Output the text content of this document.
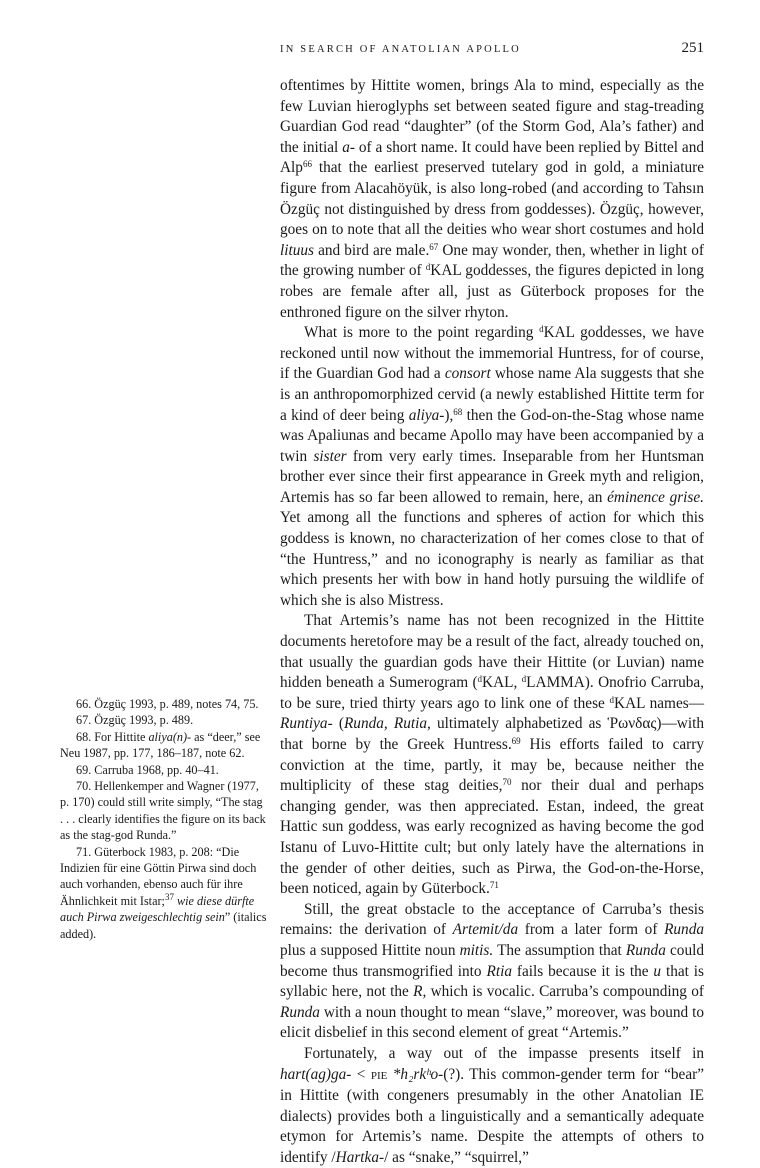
IN SEARCH OF ANATOLIAN APOLLO	251

oftentimes by Hittite women, brings Ala to mind, especially as the few Luvian hieroglyphs set between seated figure and stag-treading Guardian God read “daughter” (of the Storm God, Ala’s father) and the initial a- of a short name. It could have been replied by Bittel and Alp$^{66}$ that the earliest preserved tutelary god in gold, a miniature figure from Alacahöyük, is also long-robed (and according to Tahsın Özgüç not distinguished by dress from goddesses). Özgüç, however, goes on to note that all the deities who wear short costumes and hold lituus and bird are male.$^{67}$ One may wonder, then, whether in light of the growing number of $^d$KAL goddesses, the figures depicted in long robes are female after all, just as Güterbock proposes for the enthroned figure on the silver rhyton.

What is more to the point regarding $^d$KAL goddesses, we have reckoned until now without the immemorial Huntress, for of course, if the Guardian God had a consort whose name Ala suggests that she is an anthropomorphized cervid (a newly established Hittite term for a kind of deer being aliya-),$^{68}$ then the God-on-the-Stag whose name was Apaliunas and became Apollo may have been accompanied by a twin sister from very early times. Inseparable from her Huntsman brother ever since their first appearance in Greek myth and religion, Artemis has so far been allowed to remain, here, an éminence grise. Yet among all the functions and spheres of action for which this goddess is known, no characterization of her comes close to that of “the Huntress,” and no iconography is nearly as familiar as that which presents her with bow in hand hotly pursuing the wildlife of which she is also Mistress.

That Artemis’s name has not been recognized in the Hittite documents heretofore may be a result of the fact, already touched on, that usually the guardian gods have their Hittite (or Luvian) name hidden beneath a Sumerogram ($^d$KAL, $^d$LAMMA). Onofrio Carruba, to be sure, tried thirty years ago to link one of these $^d$KAL names—Runtiya- (Runda, Rutia, ultimately alphabetized as Ῥωνδας)—with that borne by the Greek Huntress.$^{69}$ His efforts failed to carry conviction at the time, partly, it may be, because neither the multiplicity of these stag deities,$^{70}$ nor their dual and perhaps changing gender, was then appreciated. Estan, indeed, the great Hattic sun goddess, was early recognized as having become the god Istanu of Luvo-Hittite cult; but only lately have the alternations in the gender of other deities, such as Pirwa, the God-on-the-Horse, been noticed, again by Güterbock.$^{71}$

Still, the great obstacle to the acceptance of Carruba’s thesis remains: the derivation of Artemit/da from a later form of Runda plus a supposed Hittite noun mitis. The assumption that Runda could become thus transmogrified into Rtia fails because it is the u that is syllabic here, not the R, which is vocalic. Carruba’s compounding of Runda with a noun thought to mean “slave,” moreover, was bound to elicit disbelief in this second element of great “Artemis.”

Fortunately, a way out of the impasse presents itself in hart(ag)ga- < PIE *h₂rkʰo-(?). This common-gender term for “bear” in Hittite (with congeners presumably in the other Anatolian IE dialects) provides both a linguistically and a semantically adequate etymon for Artemis’s name. Despite the attempts of others to identify /Hartka-/ as “snake,” “squirrel,”

66. Özgüç 1993, p. 489, notes 74, 75.

67. Özgüç 1993, p. 489.

68. For Hittite aliya(n)- as “deer,” see Neu 1987, pp. 177, 186–187, note 62.

69. Carruba 1968, pp. 40–41.

70. Hellenkemper and Wagner (1977, p. 170) could still write simply, “The stag . . . clearly identifies the figure on its back as the stag-god Runda.”

71. Güterbock 1983, p. 208: “Die Indizien für eine Göttin Pirwa sind doch auch vorhanden, ebenso auch für ihre Ähnlichkeit mit Istar;$^{37}$ wie diese dürfte auch Pirwa zweigeschlechtig sein” (italics added).
